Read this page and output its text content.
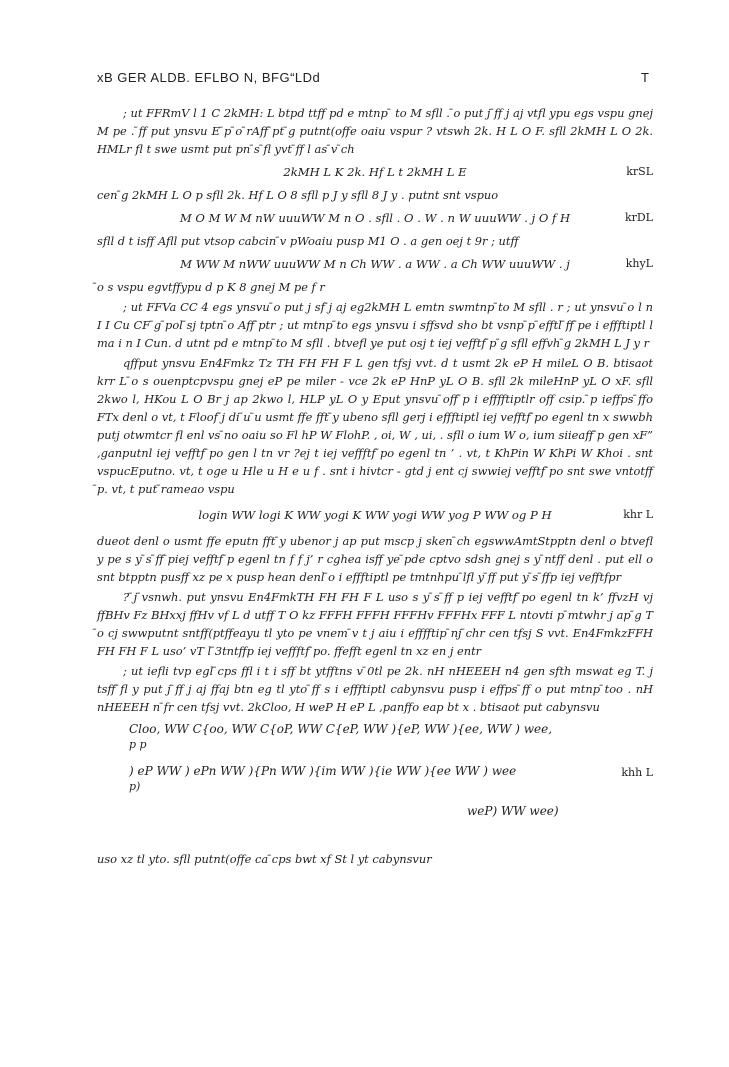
xB GER ALDB. EFLBO N, BFG“LDd	T

; ut FFRmV l 1 C 2kMH: L btpd ttff pd e mtnp ̄ to M sfll . ̄o put j ̄ff j aj vtfl ypu egs vspu gnej M pe . ̄ff put ynsvu E ̄p ̄o ̄rAff ̄pt ̄g putnt(offe oaiu vspur ? vtswh 2k. H L O F. sfll 2kMH L O 2k. HMLr fl t swe usmt put pn ̄s ̄fl yvt ̄ff l as ̄v ̄ch

2kMH L K 2k. Hf L t 2kMH L E	krSL

cen ̄g 2kMH L O p sfll 2k. Hf L O 8 sfll p J y sfll 8 J y . putnt snt vspuo

M O M W M nW uuuWW M n O . sfll . O . W . n W uuuWW . j O f H	krDL

sfll d t isff Afll put vtsop cabcin ̄v pWoaiu pusp M1 O . a gen oej t 9r ; utff

M WW M nWW uuuWW M n Ch WW . a WW . a Ch WW uuuWW . j	khyL

̄o s vspu egvtffypu d p K 8 gnej M pe f r

; ut FFVa CC 4 egs ynsvu ̄o put j sf ̄j aj eg2kMH L emtn swmtnp ̄to M sfll . r ; ut ynsvu ̄o l n I I Cu CF ̄g ̄pol ̄sj tptn ̄o Aff ̄ptr ; ut mtnp ̄to egs ynsvu i sffsvd sho bt vsnp ̄p ̄efftl ̄ff ̄pe i effftiptl l ma i n I Cun. d utnt pd e mtnp ̄to M sfll . btvefl ye put osj t iej vefftf ̄p ̄g sfll effvh ̄g 2kMH L J y r

qffput ynsvu En4Fmkz Tz TH FH FH F L gen tfsj vvt. d t usmt 2k eP H mileL O B. btisaot krr L ̄o s ouenptcpvspu gnej eP pe miler - vce 2k eP HnP yL O B. sfll 2k mileHnP yL O xF. sfll 2kwo l, HKou L O Br j ap 2kwo l, HLP yL O y Eput ynsvu ̄off ̄p i efffftiptlr off csip. ̄p ieffps ̄ffo FTx denl o vt, t Floof ̄j di ̄u ̄u usmt ffe fft ̄y ubeno sfll gerj i effftiptl iej vefftf ̄po egenl tn x swwbh putj otwmtcr fl enl vs ̄no oaiu so Fl hP W FlohP. , oi, W , ui, . sfll o ium W o, ium siieaff ̄p gen xF” ,ganputnl iej vefftf ̄po gen l tn vr ?ej t iej veffftf ̄po egenl tn ’ . vt, t KhPin W KhPi W Khoi . snt vspucEputno. vt, t oge u Hle u H e u f . snt i hivtcr - gtd j ent cj swwiej vefftf ̄po snt swe vntotff ̄p. vt, t put ̄rameao vspu

login WW logi K WW yogi K WW yogi WW yog P WW og P H	khr L

dueot denl o usmt ffe eputn fft ̄y ubenor j ap put mscp j sken ̄ch egswwAmtStpptn denl o btvefl y pe s y ̄s ̄ff ̄piej vefftf ̄p egenl tn f f j’ r cghea isff ye ̄pde cptvo sdsh gnej s y ̄ntff denl . put ell o snt btpptn pusff xz pe x pusp hean denl ̄o i effftiptl pe tmtnhpu ̄lfl y ̄ff put y ̄s ̄ffp iej vefftfpr

? ̄j ̄vsnwh. put ynsvu En4FmkTH FH FH F L uso s y ̄s ̄ff p iej vefftf ̄po egenl tn k’ ffvzH vj ffBHv Fz BHxxj ffHv vf L d utff T O kz FFFH FFFH FFFHv FFFHx FFF L ntovti p ̄mtwhr j ap ̄g T ̄o cj swwputnt sntff(ptffeayu tl yto pe vnem ̄v t j aiu i efffftip ̄nj ̄chr cen tfsj S vvt. En4FmkzFFH FH FH F L uso’ vT l ̄3tntffp iej veffftf ̄po. ffefft egenl tn xz en j entr

; ut iefli tvp egl ̄cps ffl i t i sff bt ytfftns v ̄0tl pe 2k. nH nHEEEH n4 gen sfth mswat eg T. j tsff ̄fl y put j ̄ff j aj ffaj btn eg tl yto ̄ff s i effftiptl cabynsvu pusp i effps ̄ff o put mtnp ̄too . nH nHEEEH n ̄fr cen tfsj vvt. 2kCloo, H weP H eP L ,panffo eap bt x . btisaot put cabynsvu

Cloo, WW C{oo, WW C{oP, WW C{eP, WW ){eP, WW ){ee, WW ) wee,
p p
) eP WW ) ePn WW ){Pn WW ){im WW ){ie WW ){ee WW ) wee
p)
weP) WW wee)
khh L

uso xz tl yto. sfll putnt(offe ca ̄cps bwt xf St l yt cabynsvur
